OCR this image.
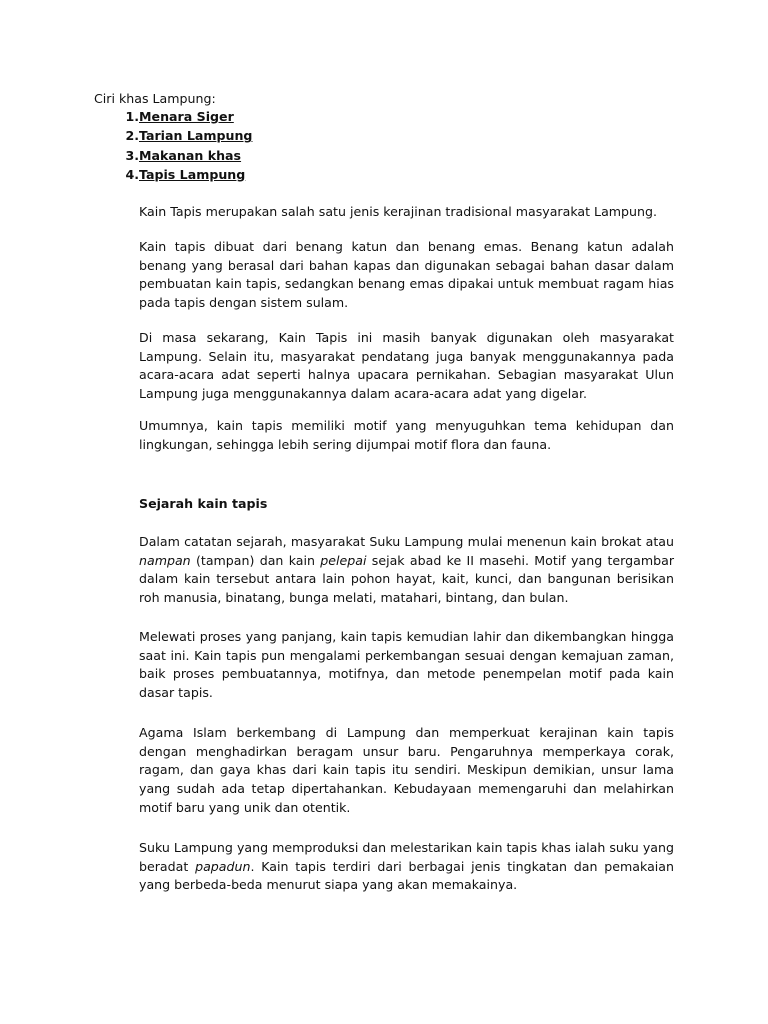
Ciri khas Lampung:
1. Menara Siger
2. Tarian Lampung
3. Makanan khas
4. Tapis Lampung

Kain Tapis merupakan salah satu jenis kerajinan tradisional masyarakat Lampung.

Kain tapis dibuat dari benang katun dan benang emas. Benang katun adalah benang yang berasal dari bahan kapas dan digunakan sebagai bahan dasar dalam pembuatan kain tapis, sedangkan benang emas dipakai untuk membuat ragam hias pada tapis dengan sistem sulam.

Di masa sekarang, Kain Tapis ini masih banyak digunakan oleh masyarakat Lampung. Selain itu, masyarakat pendatang juga banyak menggunakannya pada acara-acara adat seperti halnya upacara pernikahan. Sebagian masyarakat Ulun Lampung juga menggunakannya dalam acara-acara adat yang digelar.

Umumnya, kain tapis memiliki motif yang menyuguhkan tema kehidupan dan lingkungan, sehingga lebih sering dijumpai motif flora dan fauna.

Sejarah kain tapis

Dalam catatan sejarah, masyarakat Suku Lampung mulai menenun kain brokat atau nampan (tampan) dan kain pelepai sejak abad ke II masehi. Motif yang tergambar dalam kain tersebut antara lain pohon hayat, kait, kunci, dan bangunan berisikan roh manusia, binatang, bunga melati, matahari, bintang, dan bulan.

Melewati proses yang panjang, kain tapis kemudian lahir dan dikembangkan hingga saat ini. Kain tapis pun mengalami perkembangan sesuai dengan kemajuan zaman, baik proses pembuatannya, motifnya, dan metode penempelan motif pada kain dasar tapis.

Agama Islam berkembang di Lampung dan memperkuat kerajinan kain tapis dengan menghadirkan beragam unsur baru. Pengaruhnya memperkaya corak, ragam, dan gaya khas dari kain tapis itu sendiri. Meskipun demikian, unsur lama yang sudah ada tetap dipertahankan. Kebudayaan memengaruhi dan melahirkan motif baru yang unik dan otentik.

Suku Lampung yang memproduksi dan melestarikan kain tapis khas ialah suku yang beradat papadun. Kain tapis terdiri dari berbagai jenis tingkatan dan pemakaian yang berbeda-beda menurut siapa yang akan memakainya.
